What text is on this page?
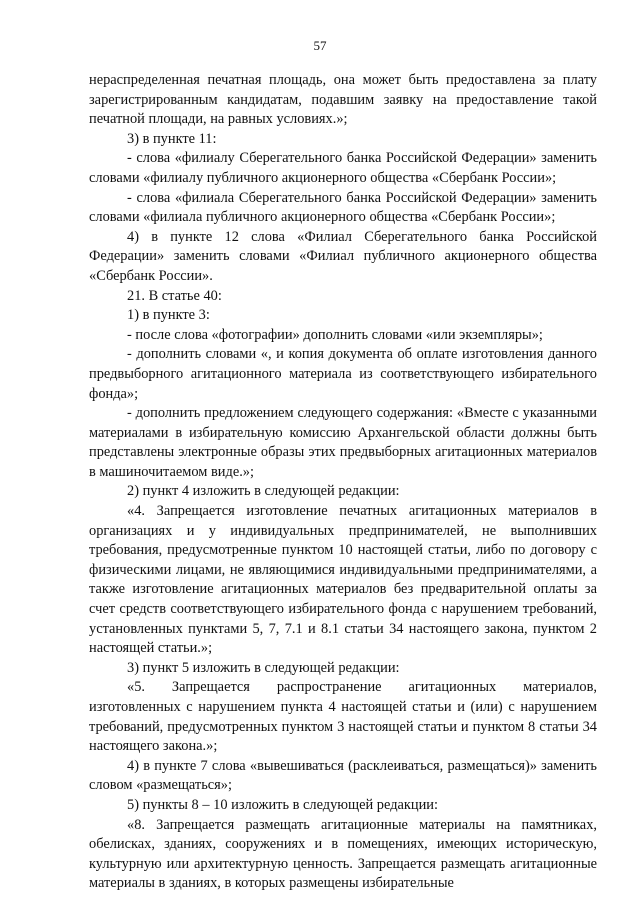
57

нераспределенная печатная площадь, она может быть предоставлена за плату зарегистрированным кандидатам, подавшим заявку на предоставление такой печатной площади, на равных условиях.»;

3) в пункте 11:

- слова «филиалу Сберегательного банка Российской Федерации» заменить словами «филиалу публичного акционерного общества «Сбербанк России»;

- слова «филиала Сберегательного банка Российской Федерации» заменить словами «филиала публичного акционерного общества «Сбербанк России»;

4) в пункте 12 слова «Филиал Сберегательного банка Российской Федерации» заменить словами «Филиал публичного акционерного общества «Сбербанк России».

21. В статье 40:

1) в пункте 3:

- после слова «фотографии» дополнить словами «или экземпляры»;

- дополнить словами «, и копия документа об оплате изготовления данного предвыборного агитационного материала из соответствующего избирательного фонда»;

- дополнить предложением следующего содержания: «Вместе с указанными материалами в избирательную комиссию Архангельской области должны быть представлены электронные образы этих предвыборных агитационных материалов в машиночитаемом виде.»;

2) пункт 4 изложить в следующей редакции:

«4. Запрещается изготовление печатных агитационных материалов в организациях и у индивидуальных предпринимателей, не выполнивших требования, предусмотренные пунктом 10 настоящей статьи, либо по договору с физическими лицами, не являющимися индивидуальными предпринимателями, а также изготовление агитационных материалов без предварительной оплаты за счет средств соответствующего избирательного фонда с нарушением требований, установленных пунктами 5, 7, 7.1 и 8.1 статьи 34 настоящего закона, пунктом 2 настоящей статьи.»;

3) пункт 5 изложить в следующей редакции:

«5. Запрещается распространение агитационных материалов, изготовленных с нарушением пункта 4 настоящей статьи и (или) с нарушением требований, предусмотренных пунктом 3 настоящей статьи и пунктом 8 статьи 34 настоящего закона.»;

4) в пункте 7 слова «вывешиваться (расклеиваться, размещаться)» заменить словом «размещаться»;

5) пункты 8 – 10 изложить в следующей редакции:

«8. Запрещается размещать агитационные материалы на памятниках, обелисках, зданиях, сооружениях и в помещениях, имеющих историческую, культурную или архитектурную ценность. Запрещается размещать агитационные материалы в зданиях, в которых размещены избирательные
